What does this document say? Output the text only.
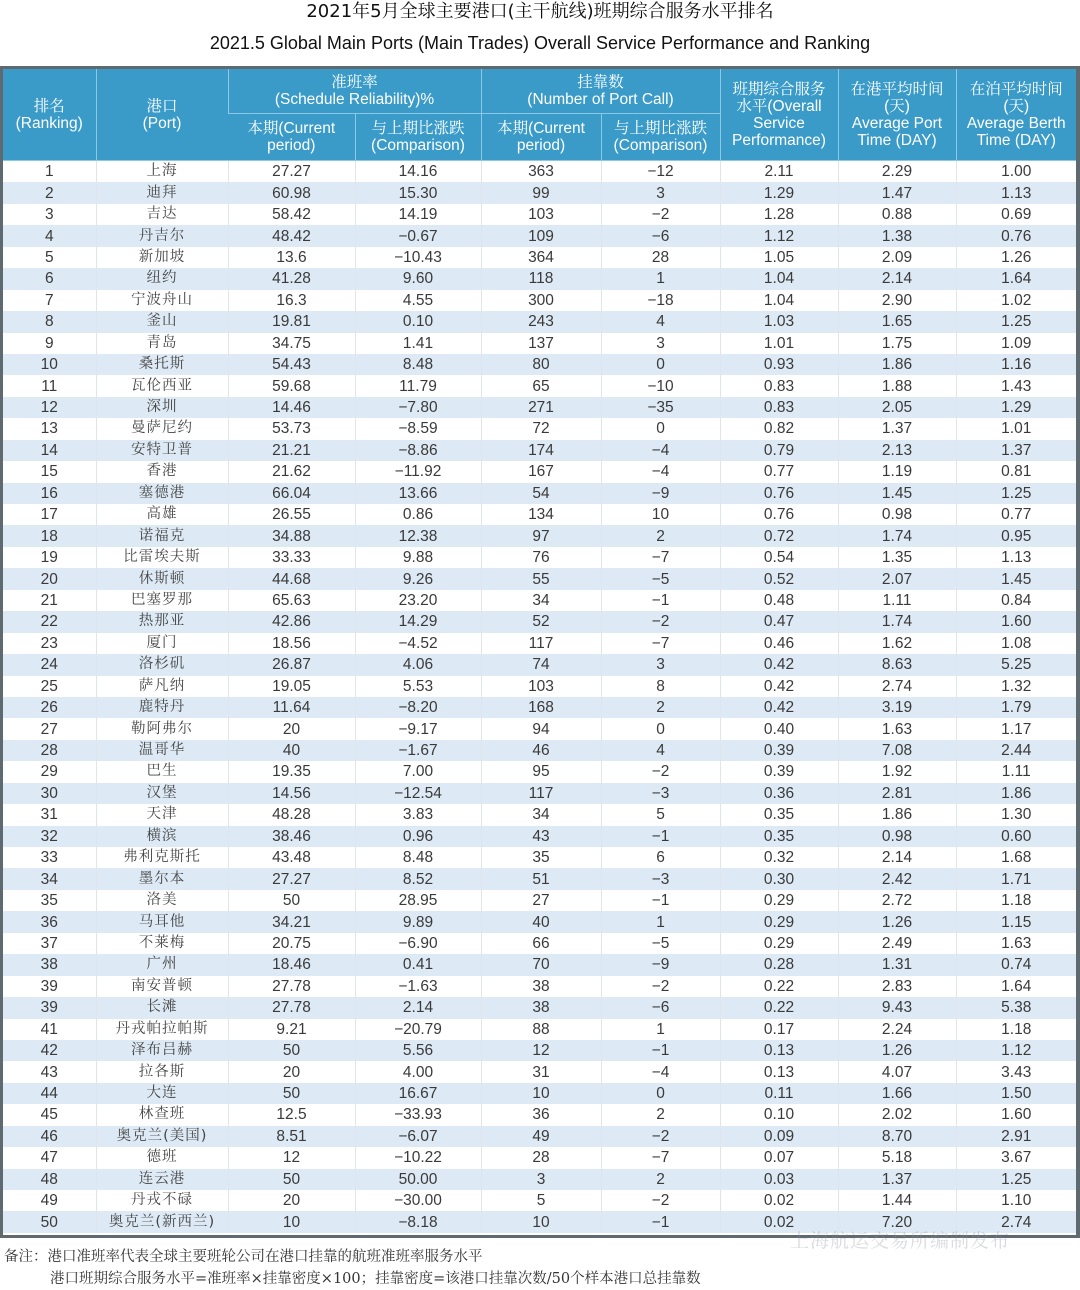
2021年5月全球主要港口(主干航线)班期综合服务水平排名
2021.5 Global Main Ports (Main Trades) Overall Service Performance and Ranking
排名
(Ranking)

港口
(Port)

准班率
(Schedule Reliability)%

挂靠数
(Number of Port Call)

班期综合服务
水平(Overall
Service
Performance)

在港平均时间
(天)
Average Port
Time (DAY)

在泊平均时间
(天)
Average Berth
Time (DAY)

本期(Current
period)

与上期比涨跌
(Comparison)

本期(Current
period)

与上期比涨跌
(Comparison)

1	上海	27.27	14.16	363	−12	2.11	2.29	1.00
2	迪拜	60.98	15.30	99	3	1.29	1.47	1.13
3	吉达	58.42	14.19	103	−2	1.28	0.88	0.69
4	丹吉尔	48.42	−0.67	109	−6	1.12	1.38	0.76
5	新加坡	13.6	−10.43	364	28	1.05	2.09	1.26
6	纽约	41.28	9.60	118	1	1.04	2.14	1.64
7	宁波舟山	16.3	4.55	300	−18	1.04	2.90	1.02
8	釜山	19.81	0.10	243	4	1.03	1.65	1.25
9	青岛	34.75	1.41	137	3	1.01	1.75	1.09
10	桑托斯	54.43	8.48	80	0	0.93	1.86	1.16
11	瓦伦西亚	59.68	11.79	65	−10	0.83	1.88	1.43
12	深圳	14.46	−7.80	271	−35	0.83	2.05	1.29
13	曼萨尼约	53.73	−8.59	72	0	0.82	1.37	1.01
14	安特卫普	21.21	−8.86	174	−4	0.79	2.13	1.37
15	香港	21.62	−11.92	167	−4	0.77	1.19	0.81
16	塞德港	66.04	13.66	54	−9	0.76	1.45	1.25
17	高雄	26.55	0.86	134	10	0.76	0.98	0.77
18	诺福克	34.88	12.38	97	2	0.72	1.74	0.95
19	比雷埃夫斯	33.33	9.88	76	−7	0.54	1.35	1.13
20	休斯顿	44.68	9.26	55	−5	0.52	2.07	1.45
21	巴塞罗那	65.63	23.20	34	−1	0.48	1.11	0.84
22	热那亚	42.86	14.29	52	−2	0.47	1.74	1.60
23	厦门	18.56	−4.52	117	−7	0.46	1.62	1.08
24	洛杉矶	26.87	4.06	74	3	0.42	8.63	5.25
25	萨凡纳	19.05	5.53	103	8	0.42	2.74	1.32
26	鹿特丹	11.64	−8.20	168	2	0.42	3.19	1.79
27	勒阿弗尔	20	−9.17	94	0	0.40	1.63	1.17
28	温哥华	40	−1.67	46	4	0.39	7.08	2.44
29	巴生	19.35	7.00	95	−2	0.39	1.92	1.11
30	汉堡	14.56	−12.54	117	−3	0.36	2.81	1.86
31	天津	48.28	3.83	34	5	0.35	1.86	1.30
32	横滨	38.46	0.96	43	−1	0.35	0.98	0.60
33	弗利克斯托	43.48	8.48	35	6	0.32	2.14	1.68
34	墨尔本	27.27	8.52	51	−3	0.30	2.42	1.71
35	洛美	50	28.95	27	−1	0.29	2.72	1.18
36	马耳他	34.21	9.89	40	1	0.29	1.26	1.15
37	不莱梅	20.75	−6.90	66	−5	0.29	2.49	1.63
38	广州	18.46	0.41	70	−9	0.28	1.31	0.74
39	南安普顿	27.78	−1.63	38	−2	0.22	2.83	1.64
39	长滩	27.78	2.14	38	−6	0.22	9.43	5.38
41	丹戎帕拉帕斯	9.21	−20.79	88	1	0.17	2.24	1.18
42	泽布吕赫	50	5.56	12	−1	0.13	1.26	1.12
43	拉各斯	20	4.00	31	−4	0.13	4.07	3.43
44	大连	50	16.67	10	0	0.11	1.66	1.50
45	林查班	12.5	−33.93	36	2	0.10	2.02	1.60
46	奥克兰(美国)	8.51	−6.07	49	−2	0.09	8.70	2.91
47	德班	12	−10.22	28	−7	0.07	5.18	3.67
48	连云港	50	50.00	3	2	0.03	1.37	1.25
49	丹戎不碌	20	−30.00	5	−2	0.02	1.44	1.10
50	奥克兰(新西兰)	10	−8.18	10	−1	0.02	7.20	2.74
上海航运交易所编制发布
备注：港口准班率代表全球主要班轮公司在港口挂靠的航班准班率服务水平
港口班期综合服务水平=准班率×挂靠密度×100；挂靠密度=该港口挂靠次数/50个样本港口总挂靠数
